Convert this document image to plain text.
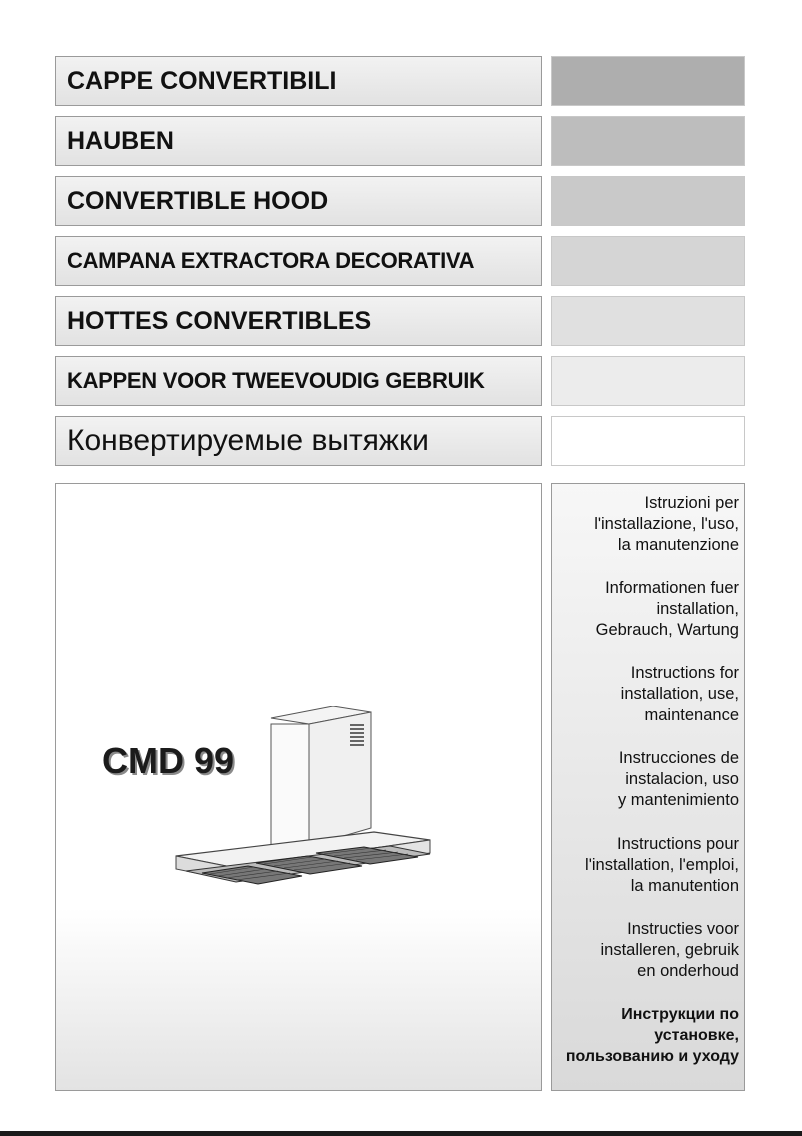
CAPPE CONVERTIBILI
HAUBEN
CONVERTIBLE HOOD
CAMPANA EXTRACTORA DECORATIVA
HOTTES CONVERTIBLES
KAPPEN VOOR TWEEVOUDIG GEBRUIK
Конвертируемые вытяжки
CMD 99
Istruzioni per
l'installazione, l'uso,
la manutenzione
Informationen fuer
installation,
Gebrauch, Wartung
Instructions for
installation, use,
maintenance
Instrucciones de
instalacion, uso
y mantenimiento
Instructions pour
l'installation, l'emploi,
la manutention
Instructies voor
installeren, gebruik
en onderhoud
Инструкции по
установке,
пользованию и уходу
